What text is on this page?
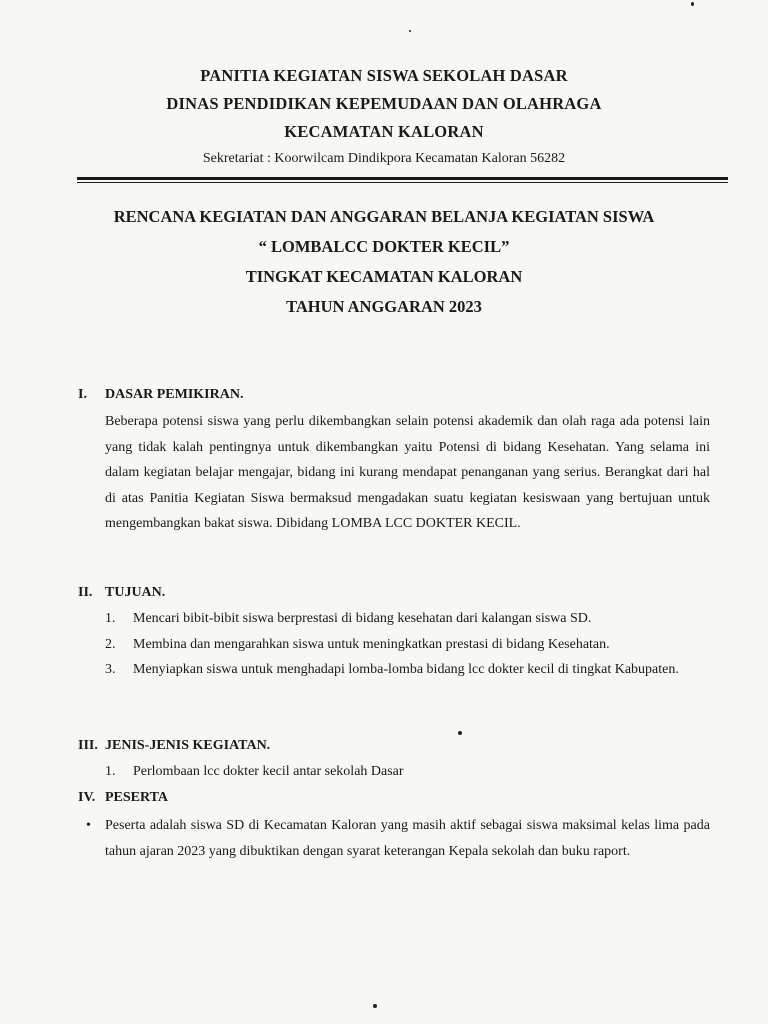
PANITIA KEGIATAN SISWA SEKOLAH DASAR
DINAS PENDIDIKAN KEPEMUDAAN DAN OLAHRAGA
KECAMATAN KALORAN
Sekretariat : Koorwilcam Dindikpora Kecamatan Kaloran 56282
RENCANA KEGIATAN DAN ANGGARAN BELANJA KEGIATAN SISWA
“ LOMBALCC DOKTER KECIL”
TINGKAT KECAMATAN KALORAN
TAHUN ANGGARAN 2023
I.	DASAR PEMIKIRAN.
Beberapa potensi siswa yang perlu dikembangkan selain potensi akademik dan olah raga ada potensi lain yang tidak kalah pentingnya untuk dikembangkan yaitu Potensi di bidang Kesehatan. Yang selama ini dalam kegiatan belajar mengajar, bidang ini kurang mendapat penanganan yang serius. Berangkat dari hal di atas Panitia Kegiatan Siswa bermaksud mengadakan suatu kegiatan kesiswaan yang bertujuan untuk mengembangkan bakat siswa. Dibidang LOMBA LCC DOKTER KECIL.
II. TUJUAN.
1.	Mencari bibit-bibit siswa berprestasi di bidang kesehatan dari kalangan siswa SD.
2.	Membina dan mengarahkan siswa untuk meningkatkan prestasi di bidang Kesehatan.
3.	Menyiapkan siswa untuk menghadapi lomba-lomba bidang lcc dokter kecil di tingkat Kabupaten.
III. JENIS-JENIS KEGIATAN.
1.	Perlombaan lcc dokter kecil antar sekolah Dasar
IV. PESERTA
•	Peserta adalah siswa SD di Kecamatan Kaloran yang masih aktif sebagai siswa maksimal kelas lima pada tahun ajaran 2023 yang dibuktikan dengan syarat keterangan Kepala sekolah dan buku raport.
